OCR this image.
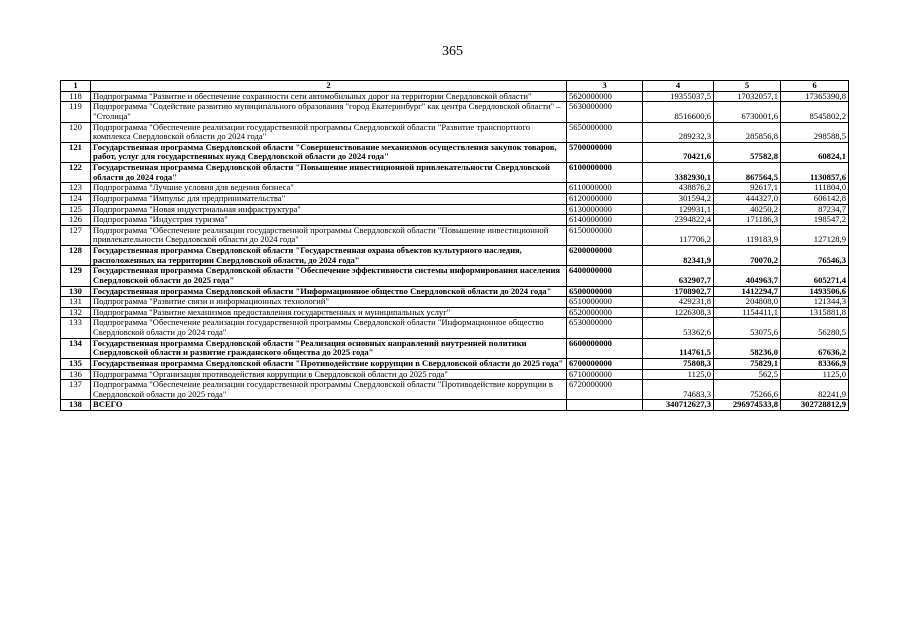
365
1	2	3	4	5	6
118	Подпрограмма "Развитие и обеспечение сохранности сети автомобильных дорог на территории Свердловской области"	5620000000	19355037,5	17032057,1	17365390,8
119	Подпрограмма "Содействие развитию муниципального образования "город Екатеринбург" как центра Свердловской области" – "Столица"	5630000000	8516600,6	6730001,6	8545802,2
120	Подпрограмма "Обеспечение реализации государственной программы Свердловской области "Развитие транспортного комплекса Свердловской области до 2024 года"	5650000000	289232,3	285856,8	298588,5
121	Государственная программа Свердловской области "Совершенствование механизмов осуществления закупок товаров, работ, услуг для государственных нужд Свердловской области до 2024 года"	5700000000	70421,6	57582,8	60824,1
122	Государственная программа Свердловской области "Повышение инвестиционной привлекательности Свердловской области до 2024 года"	6100000000	3382930,1	867564,5	1130857,6
123	Подпрограмма "Лучшие условия для ведения бизнеса"	6110000000	438876,2	92617,1	111804,0
124	Подпрограмма "Импульс для предпринимательства"	6120000000	301594,2	444327,0	606142,8
125	Подпрограмма "Новая индустриальная инфраструктура"	6130000000	129931,1	40250,2	87234,7
126	Подпрограмма "Индустрия туризма"	6140000000	2394822,4	171186,3	198547,2
127	Подпрограмма "Обеспечение реализации государственной программы Свердловской области "Повышение инвестиционной привлекательности Свердловской области до 2024 года"	6150000000	117706,2	119183,9	127128,9
128	Государственная программа Свердловской области "Государственная охрана объектов культурного наследия, расположенных на территории Свердловской области, до 2024 года"	6200000000	82341,9	70070,2	76546,3
129	Государственная программа Свердловской области "Обеспечение эффективности системы информирования населения Свердловской области до 2025 года"	6400000000	632907,7	404963,7	605271,4
130	Государственная программа Свердловской области "Информационное общество Свердловской области до 2024 года"	6500000000	1708902,7	1412294,7	1493506,6
131	Подпрограмма "Развитие связи и информационных технологий"	6510000000	429231,8	204808,0	121344,3
132	Подпрограмма "Развитие механизмов предоставления государственных и муниципальных услуг"	6520000000	1226308,3	1154411,1	1315881,8
133	Подпрограмма "Обеспечение реализации государственной программы Свердловской области "Информационное общество Свердловской области до 2024 года"	6530000000	53362,6	53075,6	56280,5
134	Государственная программа Свердловской области "Реализация основных направлений внутренней политики Свердловской области и развитие гражданского общества до 2025 года"	6600000000	114761,5	58236,0	67636,2
135	Государственная программа Свердловской области "Противодействие коррупции в Свердловской области до 2025 года"	6700000000	75808,3	75829,1	83366,9
136	Подпрограмма "Организация противодействия коррупции в Свердловской области до 2025 года"	6710000000	1125,0	562,5	1125,0
137	Подпрограмма "Обеспечение реализации государственной программы Свердловской области "Противодействие коррупции в Свердловской области до 2025 года"	6720000000	74683,3	75266,6	82241,9
138	ВСЕГО		340712627,3	296974533,8	302728812,9
